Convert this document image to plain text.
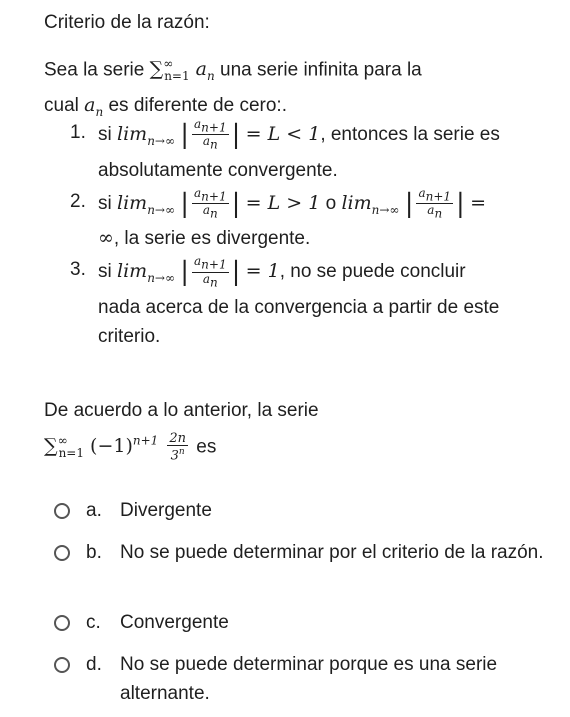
Criterio de la razón:
Sea la serie $\sum^\infty_{n=1}$ $a_n$ una serie infinita para la
cual $a_n$ es diferente de cero:.
1. si $\lim_{n\to\infty}$ | $\frac{a_{n+1}}{a_n}$ | = L < 1, entonces la serie es absolutamente convergente.
2. si $\lim_{n\to\infty}$ | $\frac{a_{n+1}}{a_n}$ | = L > 1 o $\lim_{n\to\infty}$ | $\frac{a_{n+1}}{a_n}$ | = ∞, la serie es divergente.
3. si $\lim_{n\to\infty}$ | $\frac{a_{n+1}}{a_n}$ | = 1, no se puede concluir nada acerca de la convergencia a partir de este criterio.
De acuerdo a lo anterior, la serie
$\sum^\infty_{n=1}$ $(-1)^{n+1} \frac{2n}{3^n}$ es
a. Divergente
b. No se puede determinar por el criterio de la razón.
c. Convergente
d. No se puede determinar porque es una serie alternante.
